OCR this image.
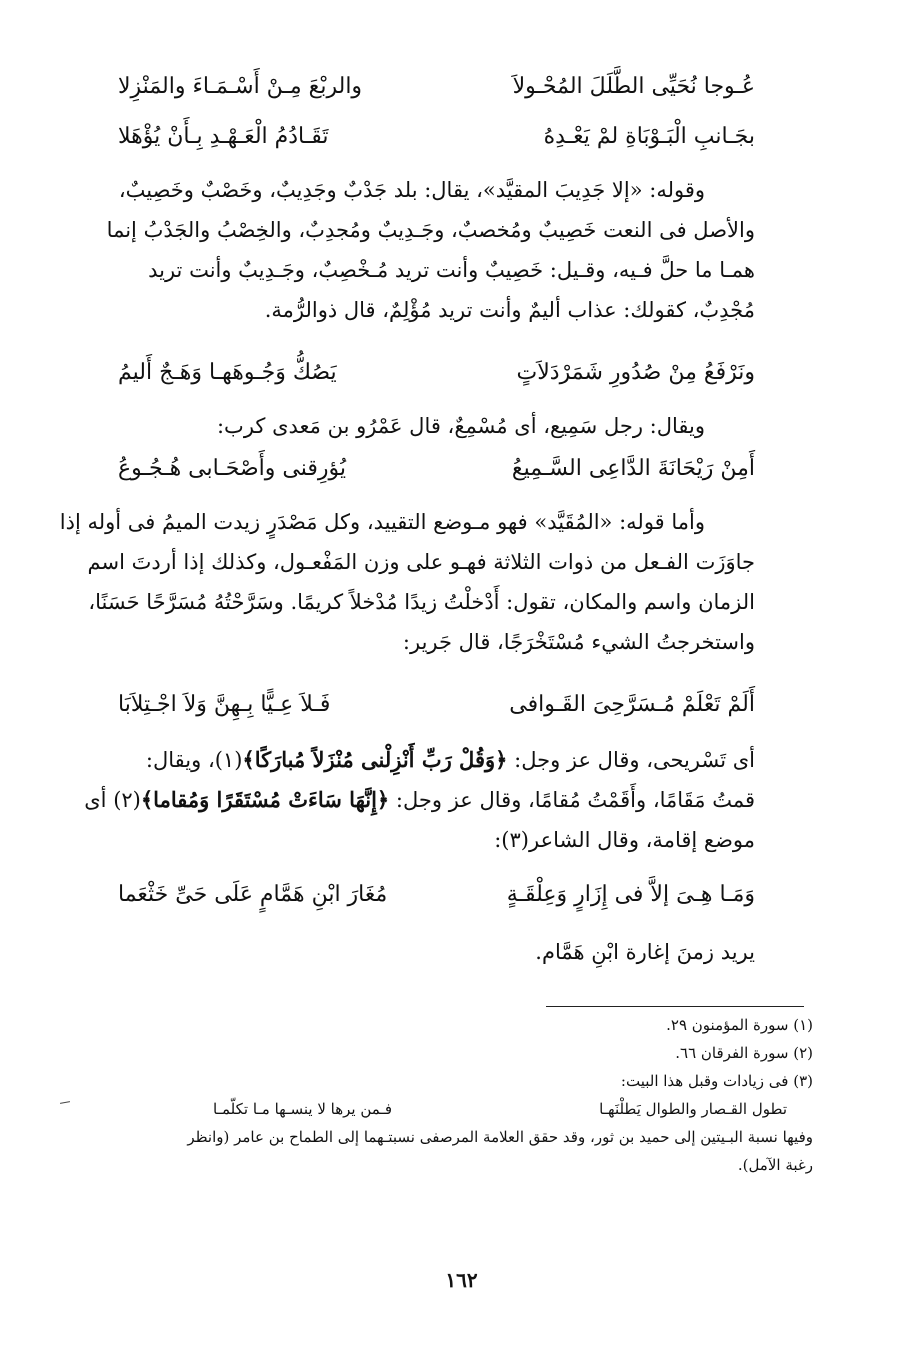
عُـوجا نُحَيِّى الطَّلَلَ المُحْـولاَ
والربْعَ مِـنْ أَسْـمَـاءَ والمَنْزِلا
بجَـانبِ الْبَـوْبَاةِ لمْ يَعْـدِهُ
تَقَـادُمُ الْعَـهْـدِ بِـأَنْ يُؤْهَلا
وقوله: «إلا جَدِيبَ المقيَّد»، يقال: بلد جَدْبٌ وجَدِيبٌ، وخَصْبٌ وخَصِيبٌ،
والأصل فى النعت خَصِيبٌ ومُخصبٌ، وجَـدِيبٌ ومُجدِبٌ، والخِصْبُ والجَدْبُ إنما
همـا ما حلَّ فـيه، وقـيل: خَصِيبٌ وأنت تريد مُـخْصِبٌ، وجَـدِيبٌ وأنت تريد
مُجْدِبٌ، كقولك: عذاب أليمٌ وأنت تريد مُؤْلِمٌ، قال ذوالرُّمة.
ونَرْفَعُ مِنْ صُدُورِ شَمَرْدَلاَتٍ
يَصُكُّ وَجُـوهَهـا وَهَـجٌ أَليمُ
ويقال: رجل سَمِيع، أى مُسْمِعٌ، قال عَمْرُو بن مَعدى كرب:
أَمِنْ رَيْحَانَةَ الدَّاعِى السَّـمِيعُ
يُؤرِقنى وأَصْحَـابى هُـجُـوعُ
وأما قوله: «المُقَيَّد» فهو مـوضع التقييد، وكل مَصْدَرٍ زيدت الميمُ فى أوله إذا
جاوَزَت الفـعل من ذوات الثلاثة فهـو على وزن المَفْعـول، وكذلك إذا أردتَ اسم
الزمان واسم والمكان، تقول: أَدْخلْتُ زيدًا مُدْخلاً كريمًا. وسَرَّحْتُهُ مُسَرَّحًا حَسَنًا،
واستخرجتُ الشيء مُسْتَخْرَجًا، قال جَرير:
أَلَمْ تَعْلَمْ مُـسَرَّحِىَ القَـوافى
فَـلاَ عِـيًّا بِـهِنَّ وَلاَ اجْـتِلاَبَا
أى تَسْريحى، وقال عز وجل: ﴿وَقُلْ رَبِّ أَنْزِلْنى مُنْزَلاً مُبارَكًا﴾(١)، ويقال:
قمتُ مَقَامًا، وأَقَمْتُ مُقامًا، وقال عز وجل: ﴿إِنَّهَا سَاءَتْ مُسْتَقَرًا وَمُقاما﴾(٢) أى
موضع إقامة، وقال الشاعر(٣):
وَمَـا هِـىَ إلاَّ فى إِزَارٍ وَعِلْقَـةٍ
مُغَارَ ابْنِ هَمَّامٍ عَلَى حَىِّ خَثْعَما
يريد زمنَ إغارة ابْنِ هَمَّام.
(١) سورة المؤمنون ٢٩.
(٢) سورة الفرقان ٦٦.
(٣) فى زيادات وقبل هذا البيت:
تطول القـصار والطوال يَطلْنَهـا
فـمن يرها لا ينسـها مـا تكلّمـا
وفيها نسبة البـيتين إلى حميد بن ثور، وقد حقق العلامة المرصفى نسبتـهما إلى الطماح بن عامر (وانظر
رغبة الآمل).
١٦٢
